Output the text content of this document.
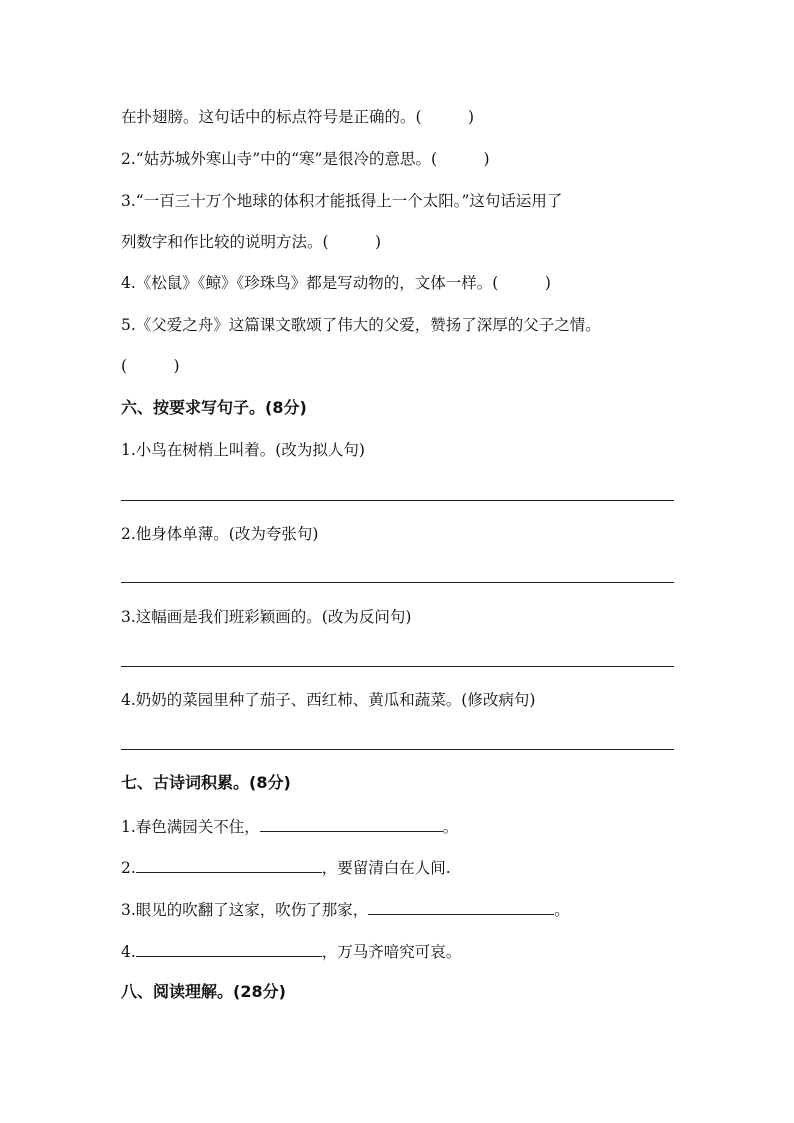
在扑翅膀。这句话中的标点符号是正确的。(　　　)
2.“姑苏城外寒山寺”中的“寒”是很冷的意思。(　　　)
3.“一百三十万个地球的体积才能抵得上一个太阳。”这句话运用了
列数字和作比较的说明方法。(　　　)
4.《松鼠》《鲸》《珍珠鸟》都是写动物的，文体一样。(　　　)
5.《父爱之舟》这篇课文歌颂了伟大的父爱，赞扬了深厚的父子之情。
(　　　)
六、按要求写句子。(8分)
1.小鸟在树梢上叫着。(改为拟人句)
2.他身体单薄。(改为夸张句)
3.这幅画是我们班彩颖画的。(改为反问句)
4.奶奶的菜园里种了茄子、西红柿、黄瓜和蔬菜。(修改病句)
七、古诗词积累。(8分)
1.春色满园关不住，	。
2.	，要留清白在人间.
3.眼见的吹翻了这家，吹伤了那家，	。
4.	，万马齐喑究可哀。
八、阅读理解。(28分)
